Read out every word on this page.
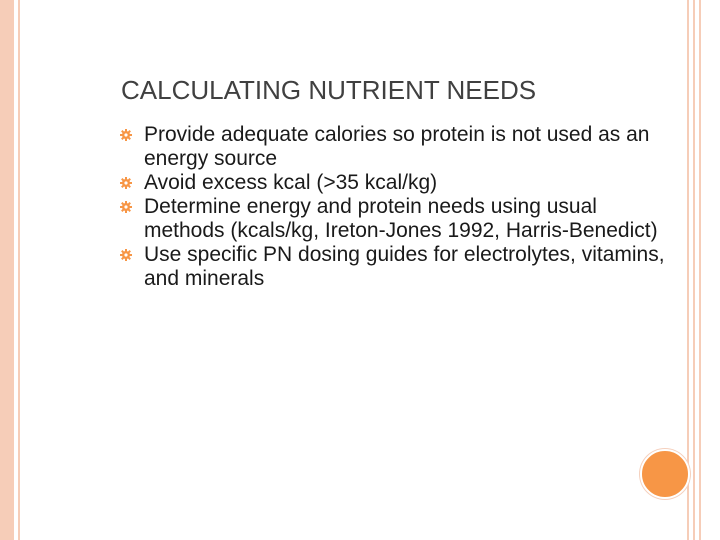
CALCULATING NUTRIENT NEEDS
Provide adequate calories so protein is not used as an energy source
Avoid excess kcal (>35 kcal/kg)
Determine energy and protein needs using usual methods (kcals/kg, Ireton-Jones 1992, Harris-Benedict)
Use specific PN dosing guides for electrolytes, vitamins, and minerals
